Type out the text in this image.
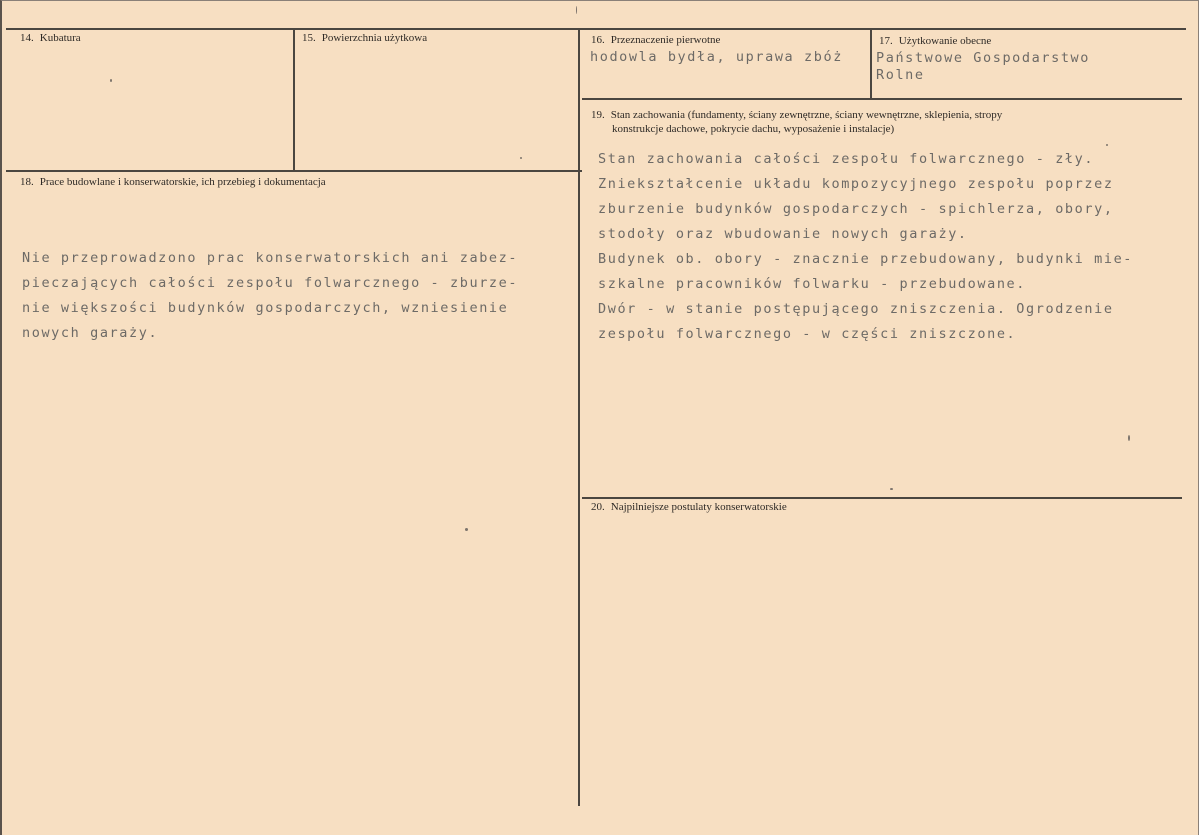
14. Kubatura	15. Powierzchnia użytkowa	16. Przeznaczenie pierwotne
hodowla bydła, uprawa zbóż
17. Użytkowanie obecne
Państwowe Gospodarstwo
Rolne
18. Prace budowlane i konserwatorskie, ich przebieg i dokumentacja
Nie przeprowadzono prac konserwatorskich ani zabez-
pieczających całości zespołu folwarcznego - zburze-
nie większości budynków gospodarczych, wzniesienie
nowych garaży.
19. Stan zachowania (fundamenty, ściany zewnętrzne, ściany wewnętrzne, sklepienia, stropy
konstrukcje dachowe, pokrycie dachu, wyposażenie i instalacje)
Stan zachowania całości zespołu folwarcznego - zły.
Zniekształcenie układu kompozycyjnego zespołu poprzez
zburzenie budynków gospodarczych - spichlerza, obory,
stodoły oraz wbudowanie nowych garaży.
Budynek ob. obory - znacznie przebudowany, budynki mie-
szkalne pracowników folwarku - przebudowane.
Dwór - w stanie postępującego zniszczenia. Ogrodzenie
zespołu folwarcznego - w części zniszczone.
20. Najpilniejsze postulaty konserwatorskie
